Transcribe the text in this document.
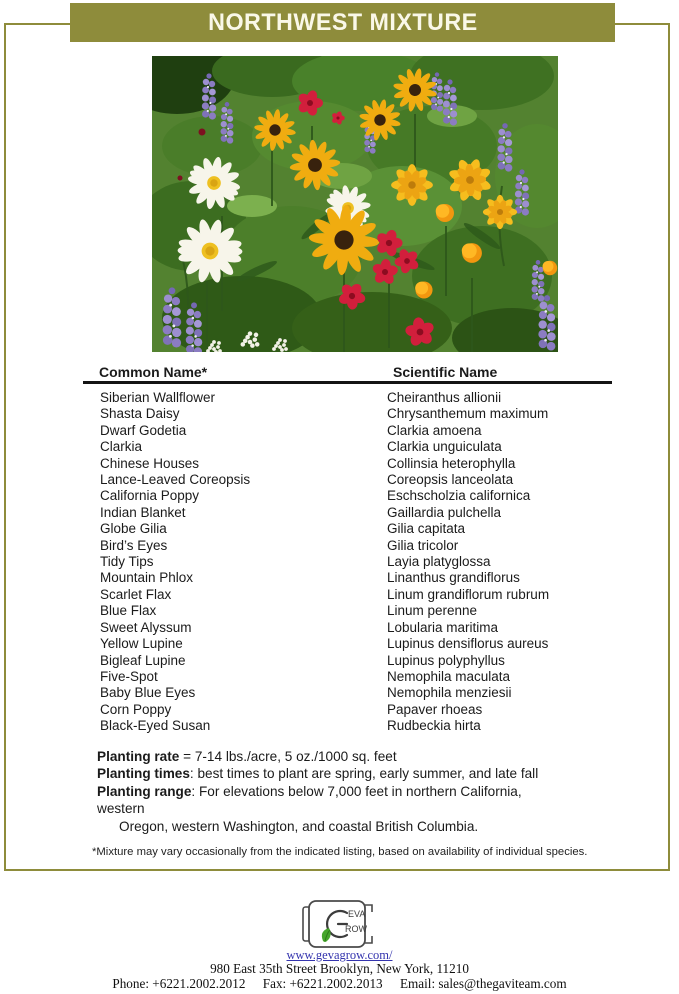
NORTHWEST MIXTURE
Common Name*	Scientific Name
Siberian Wallflower	Cheiranthus allionii
Shasta Daisy	Chrysanthemum maximum
Dwarf Godetia	Clarkia amoena
Clarkia	Clarkia unguiculata
Chinese Houses	Collinsia heterophylla
Lance-Leaved Coreopsis	Coreopsis lanceolata
California Poppy	Eschscholzia californica
Indian Blanket	Gaillardia pulchella
Globe Gilia	Gilia capitata
Bird’s Eyes	Gilia tricolor
Tidy Tips	Layia platyglossa
Mountain Phlox	Linanthus grandiflorus
Scarlet Flax	Linum grandiflorum rubrum
Blue Flax	Linum perenne
Sweet Alyssum	Lobularia maritima
Yellow Lupine	Lupinus densiflorus aureus
Bigleaf Lupine	Lupinus polyphyllus
Five-Spot	Nemophila maculata
Baby Blue Eyes	Nemophila menziesii
Corn Poppy	Papaver rhoeas
Black-Eyed Susan	Rudbeckia hirta
Planting rate = 7-14 lbs./acre, 5 oz./1000 sq. feet
Planting times: best times to plant are spring, early summer, and late fall
Planting range: For elevations below 7,000 feet in northern California,
western
Oregon, western Washington, and coastal British Columbia.
*Mixture may vary occasionally from the indicated listing, based on availability of individual species.
EVA
ROW
www.gevagrow.com/
980 East 35th Street Brooklyn, New York, 11210
Phone: +6221.2002.2012 Fax: +6221.2002.2013 Email: sales@thegaviteam.com
